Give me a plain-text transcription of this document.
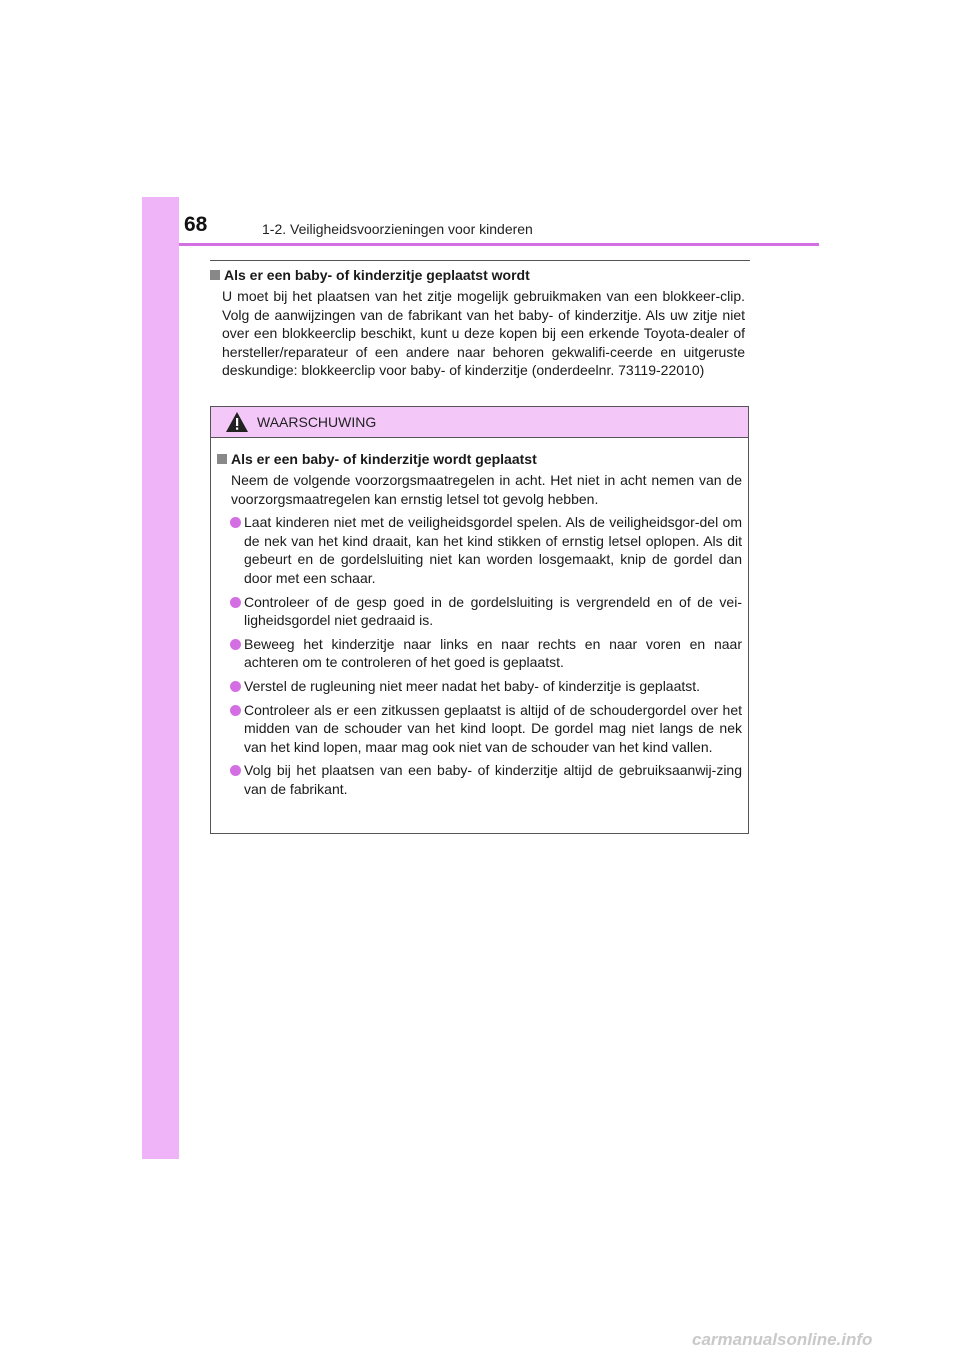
68	1-2. Veiligheidsvoorzieningen voor kinderen

Als er een baby- of kinderzitje geplaatst wordt

U moet bij het plaatsen van het zitje mogelijk gebruikmaken van een blokkeer-clip. Volg de aanwijzingen van de fabrikant van het baby- of kinderzitje. Als uw zitje niet over een blokkeerclip beschikt, kunt u deze kopen bij een erkende Toyota-dealer of hersteller/reparateur of een andere naar behoren gekwalifi-ceerde en uitgeruste deskundige: blokkeerclip voor baby- of kinderzitje (onderdeelnr. 73119-22010)

WAARSCHUWING

Als er een baby- of kinderzitje wordt geplaatst

Neem de volgende voorzorgsmaatregelen in acht. Het niet in acht nemen van de voorzorgsmaatregelen kan ernstig letsel tot gevolg hebben.

Laat kinderen niet met de veiligheidsgordel spelen. Als de veiligheidsgor-del om de nek van het kind draait, kan het kind stikken of ernstig letsel oplopen. Als dit gebeurt en de gordelsluiting niet kan worden losgemaakt, knip de gordel dan door met een schaar.
Controleer of de gesp goed in de gordelsluiting is vergrendeld en of de vei-ligheidsgordel niet gedraaid is.
Beweeg het kinderzitje naar links en naar rechts en naar voren en naar achteren om te controleren of het goed is geplaatst.
Verstel de rugleuning niet meer nadat het baby- of kinderzitje is geplaatst.
Controleer als er een zitkussen geplaatst is altijd of de schoudergordel over het midden van de schouder van het kind loopt. De gordel mag niet langs de nek van het kind lopen, maar mag ook niet van de schouder van het kind vallen.
Volg bij het plaatsen van een baby- of kinderzitje altijd de gebruiksaanwij-zing van de fabrikant.
carmanualsonline.info
